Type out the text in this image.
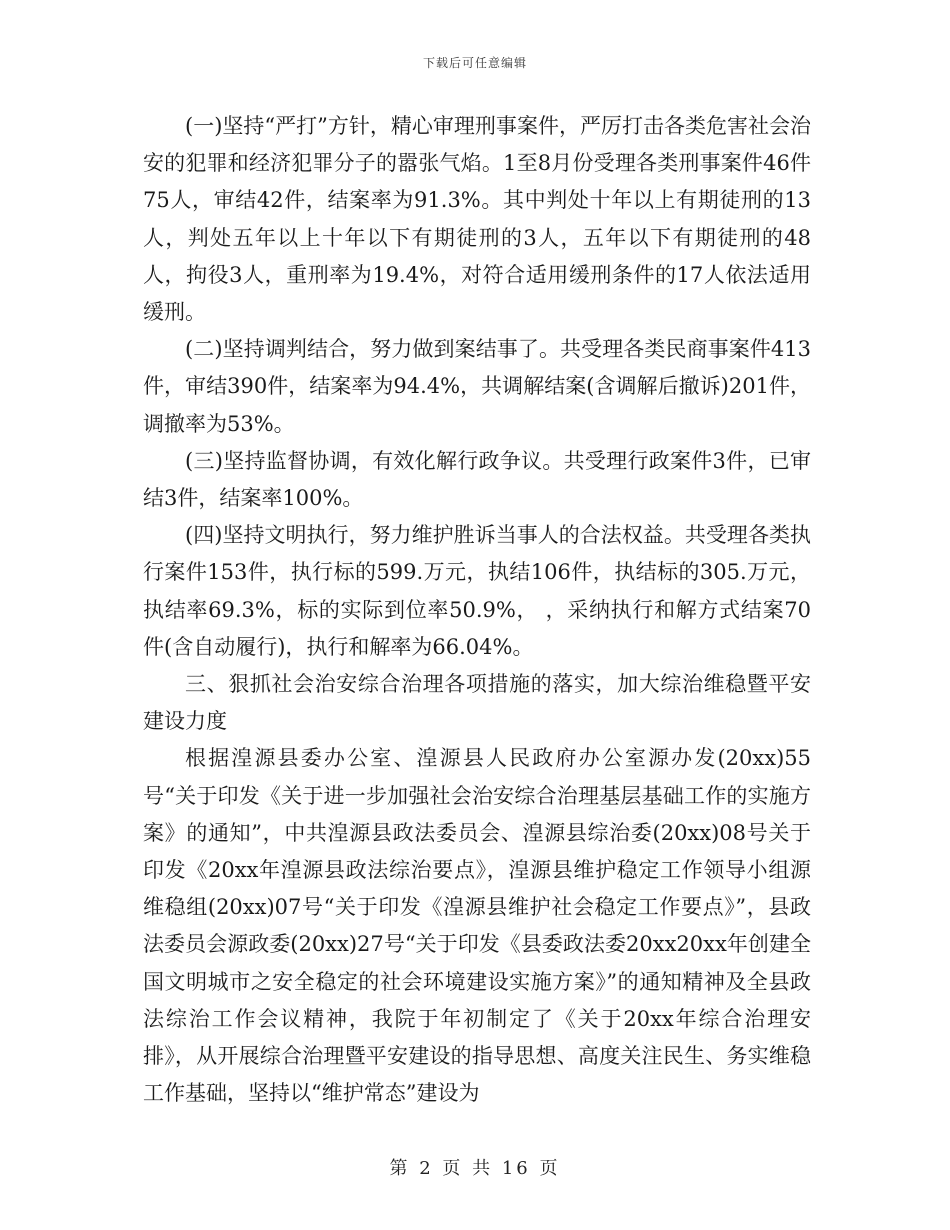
下载后可任意编辑

(一)坚持“严打”方针，精心审理刑事案件，严厉打击各类危害社会治安的犯罪和经济犯罪分子的嚣张气焰。1至8月份受理各类刑事案件46件75人，审结42件，结案率为91.3%。其中判处十年以上有期徒刑的13人，判处五年以上十年以下有期徒刑的3人，五年以下有期徒刑的48人，拘役3人，重刑率为19.4%，对符合适用缓刑条件的17人依法适用缓刑。

(二)坚持调判结合，努力做到案结事了。共受理各类民商事案件413件，审结390件，结案率为94.4%，共调解结案(含调解后撤诉)201件，调撤率为53%。

(三)坚持监督协调，有效化解行政争议。共受理行政案件3件，已审结3件，结案率100%。

(四)坚持文明执行，努力维护胜诉当事人的合法权益。共受理各类执行案件153件，执行标的599.万元，执结106件，执结标的305.万元，执结率69.3%，标的实际到位率50.9%， ，采纳执行和解方式结案70件(含自动履行)，执行和解率为66.04%。

三、狠抓社会治安综合治理各项措施的落实，加大综治维稳暨平安建设力度

根据湟源县委办公室、湟源县人民政府办公室源办发(20xx)55号“关于印发《关于进一步加强社会治安综合治理基层基础工作的实施方案》的通知”，中共湟源县政法委员会、湟源县综治委(20xx)08号关于印发《20xx年湟源县政法综治要点》，湟源县维护稳定工作领导小组源维稳组(20xx)07号“关于印发《湟源县维护社会稳定工作要点》”，县政法委员会源政委(20xx)27号“关于印发《县委政法委20xx20xx年创建全国文明城市之安全稳定的社会环境建设实施方案》”的通知精神及全县政法综治工作会议精神，我院于年初制定了《关于20xx年综合治理安排》，从开展综合治理暨平安建设的指导思想、高度关注民生、务实维稳工作基础，坚持以“维护常态”建设为

第 2 页 共 16 页
